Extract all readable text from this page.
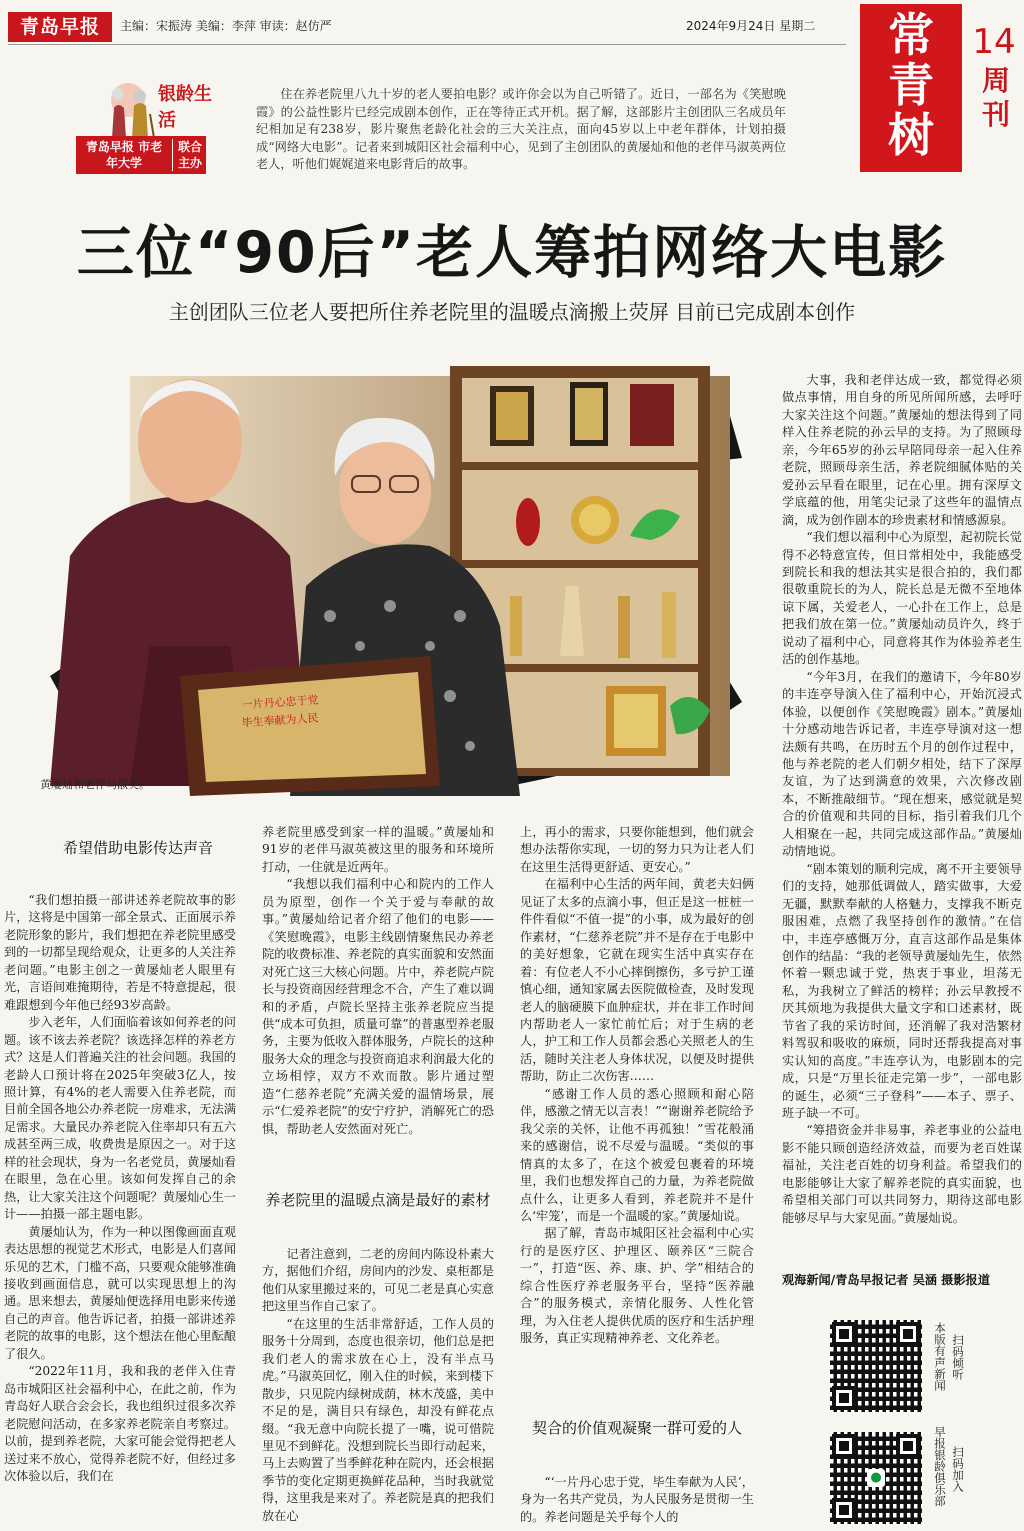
青岛早报	主编：宋振涛 美编：李萍 审读：赵仿严	2024年9月24日 星期二	常青树
14
周刊
银龄生活
青岛早报 市老年大学
联合主办
住在养老院里八九十岁的老人要拍电影？或许你会以为自己听错了。近日，一部名为《笑慰晚霞》的公益性影片已经完成剧本创作，正在等待正式开机。据了解，这部影片主创团队三名成员年纪相加足有238岁，影片聚焦老龄化社会的三大关注点，面向45岁以上中老年群体，计划拍摄成“网络大电影”。记者来到城阳区社会福利中心，见到了主创团队的黄屡灿和他的老伴马淑英两位老人，听他们娓娓道来电影背后的故事。
三位“90后”老人筹拍网络大电影
主创团队三位老人要把所住养老院里的温暖点滴搬上荧屏 目前已完成剧本创作
一片丹心忠于党
毕生奉献为人民
黄屡灿和老伴马淑英。

大事，我和老伴达成一致，都觉得必须做点事情，用自身的所见所闻所感，去呼吁大家关注这个问题。”黄屡灿的想法得到了同样入住养老院的孙云早的支持。为了照顾母亲，今年65岁的孙云早陪同母亲一起入住养老院，照顾母亲生活，养老院细腻体贴的关爱孙云早看在眼里，记在心里。拥有深厚文学底蕴的他，用笔尖记录了这些年的温情点滴，成为创作剧本的珍贵素材和情感源泉。

“我们想以福利中心为原型，起初院长觉得不必特意宣传，但日常相处中，我能感受到院长和我的想法其实是很合拍的，我们都很敬重院长的为人，院长总是无微不至地体谅下属，关爱老人，一心扑在工作上，总是把我们放在第一位。”黄屡灿动员许久，终于说动了福利中心，同意将其作为体验养老生活的创作基地。

“今年3月，在我们的邀请下，今年80岁的丰连亭导演入住了福利中心，开始沉浸式体验，以便创作《笑慰晚霞》剧本。”黄屡灿十分感动地告诉记者，丰连亭导演对这一想法颇有共鸣，在历时五个月的创作过程中，他与养老院的老人们朝夕相处，结下了深厚友谊，为了达到满意的效果，六次修改剧本，不断推敲细节。“现在想来，感觉就是契合的价值观和共同的目标，指引着我们几个人相聚在一起，共同完成这部作品。”黄屡灿动情地说。

“剧本策划的顺利完成，离不开主要领导们的支持，她那低调做人，踏实做事，大爱无疆，默默奉献的人格魅力，支撑我不断克服困难，点燃了我坚持创作的激情。”在信中，丰连亭感慨万分，直言这部作品是集体创作的结晶：“我的老领导黄屡灿先生，依然怀着一颗忠诚于党，热衷于事业，坦荡无私，为我树立了鲜活的榜样；孙云早教授不厌其烦地为我提供大量文字和口述素材，既节省了我的采访时间，还消解了我对浩繁材料驾驭和吸收的麻烦，同时还帮我提高对事实认知的高度。”丰连亭认为，电影剧本的完成，只是“万里长征走完第一步”，一部电影的诞生，必须“三子登科”——本子、票子、班子缺一不可。

“筹措资金并非易事，养老事业的公益电影不能只顾创造经济效益，而要为老百姓谋福祉，关注老百姓的切身利益。希望我们的电影能够让大家了解养老院的真实面貌，也希望相关部门可以共同努力，期待这部电影能够尽早与大家见面。”黄屡灿说。

观海新闻/青岛早报记者 吴涵 摄影报道
希望借助电影传达声音

“我们想拍摄一部讲述养老院故事的影片，这将是中国第一部全景式、正面展示养老院形象的影片，我们想把在养老院里感受到的一切都呈现给观众，让更多的人关注养老问题。”电影主创之一黄屡灿老人眼里有光，言语间难掩期待，若是不特意提起，很难跟想到今年他已经93岁高龄。

步入老年，人们面临着该如何养老的问题。该不该去养老院？该选择怎样的养老方式？这是人们普遍关注的社会问题。我国的老龄人口预计将在2025年突破3亿人，按照计算，有4%的老人需要入住养老院，而目前全国各地公办养老院一房难求，无法满足需求。大量民办养老院入住率却只有五六成甚至两三成，收费贵是原因之一。对于这样的社会现状，身为一名老党员，黄屡灿看在眼里，急在心里。该如何发挥自己的余热，让大家关注这个问题呢？黄屡灿心生一计——拍摄一部主题电影。

黄屡灿认为，作为一种以图像画面直观表达思想的视觉艺术形式，电影是人们喜闻乐见的艺术，门槛不高，只要观众能够准确接收到画面信息，就可以实现思想上的沟通。思来想去，黄屡灿便选择用电影来传递自己的声音。他告诉记者，拍摄一部讲述养老院的故事的电影，这个想法在他心里酝酿了很久。

“2022年11月，我和我的老伴入住青岛市城阳区社会福利中心，在此之前，作为青岛好人联合会会长，我也组织过很多次养老院慰问活动，在多家养老院亲自考察过。以前，提到养老院，大家可能会觉得把老人送过来不放心，觉得养老院不好，但经过多次体验以后，我们在

养老院里感受到家一样的温暖。”黄屡灿和91岁的老伴马淑英被这里的服务和环境所打动，一住就是近两年。

“我想以我们福利中心和院内的工作人员为原型，创作一个关于爱与奉献的故事。”黄屡灿给记者介绍了他们的电影——《笑慰晚霞》，电影主线剧情聚焦民办养老院的收费标准、养老院的真实面貌和安然面对死亡这三大核心问题。片中，养老院卢院长与投资商因经营理念不合，产生了难以调和的矛盾，卢院长坚持主张养老院应当提供“成本可负担，质量可靠”的普惠型养老服务，主要为低收入群体服务，卢院长的这种服务大众的理念与投资商追求利润最大化的立场相悖，双方不欢而散。影片通过塑造“仁慈养老院”充满关爱的温情场景，展示“仁爱养老院”的安宁疗护，消解死亡的恐惧，帮助老人安然面对死亡。

养老院里的温暖点滴是最好的素材

记者注意到，二老的房间内陈设朴素大方，据他们介绍，房间内的沙发、桌柜都是他们从家里搬过来的，可见二老是真心实意把这里当作自己家了。

“在这里的生活非常舒适，工作人员的服务十分周到，态度也很亲切，他们总是把我们老人的需求放在心上，没有半点马虎。”马淑英回忆，刚入住的时候，来到楼下散步，只见院内绿树成荫，林木茂盛，美中不足的是，满目只有绿色，却没有鲜花点缀。“我无意中向院长提了一嘴，说可惜院里见不到鲜花。没想到院长当即行动起来，马上去购置了当季鲜花种在院内，还会根据季节的变化定期更换鲜花品种，当时我就觉得，这里我是来对了。养老院是真的把我们放在心

上，再小的需求，只要你能想到，他们就会想办法帮你实现，一切的努力只为让老人们在这里生活得更舒适、更安心。”

在福利中心生活的两年间，黄老夫妇俩见证了太多的点滴小事，但正是这一桩桩一件件看似“不值一提”的小事，成为最好的创作素材，“仁慈养老院”并不是存在于电影中的美好想象，它就在现实生活中真实存在着：有位老人不小心摔倒擦伤，多亏护工谨慎心细，通知家属去医院做检查，及时发现老人的脑硬膜下血肿症状，并在非工作时间内帮助老人一家忙前忙后；对于生病的老人，护工和工作人员都会悉心关照老人的生活，随时关注老人身体状况，以便及时提供帮助，防止二次伤害……

“感谢工作人员的悉心照顾和耐心陪伴，感激之情无以言表！”“谢谢养老院给予我父亲的关怀，让他不再孤独！”雪花般涌来的感谢信，说不尽爱与温暖。“类似的事情真的太多了，在这个被爱包裹着的环境里，我们也想发挥自己的力量，为养老院做点什么，让更多人看到，养老院并不是什么‘牢笼’，而是一个温暖的家。”黄屡灿说。

据了解，青岛市城阳区社会福利中心实行的是医疗区、护理区、颐养区“三院合一”，打造“医、养、康、护、学”相结合的综合性医疗养老服务平台，坚持“医养融合”的服务模式，亲情化服务、人性化管理，为入住老人提供优质的医疗和生活护理服务，真正实现精神养老、文化养老。

契合的价值观凝聚一群可爱的人

“‘一片丹心忠于党，毕生奉献为人民’，身为一名共产党员，为人民服务是贯彻一生的。养老问题是关乎每个人的

本版有声新闻 扫码倾听
●	早报银龄俱乐部 扫码加入
